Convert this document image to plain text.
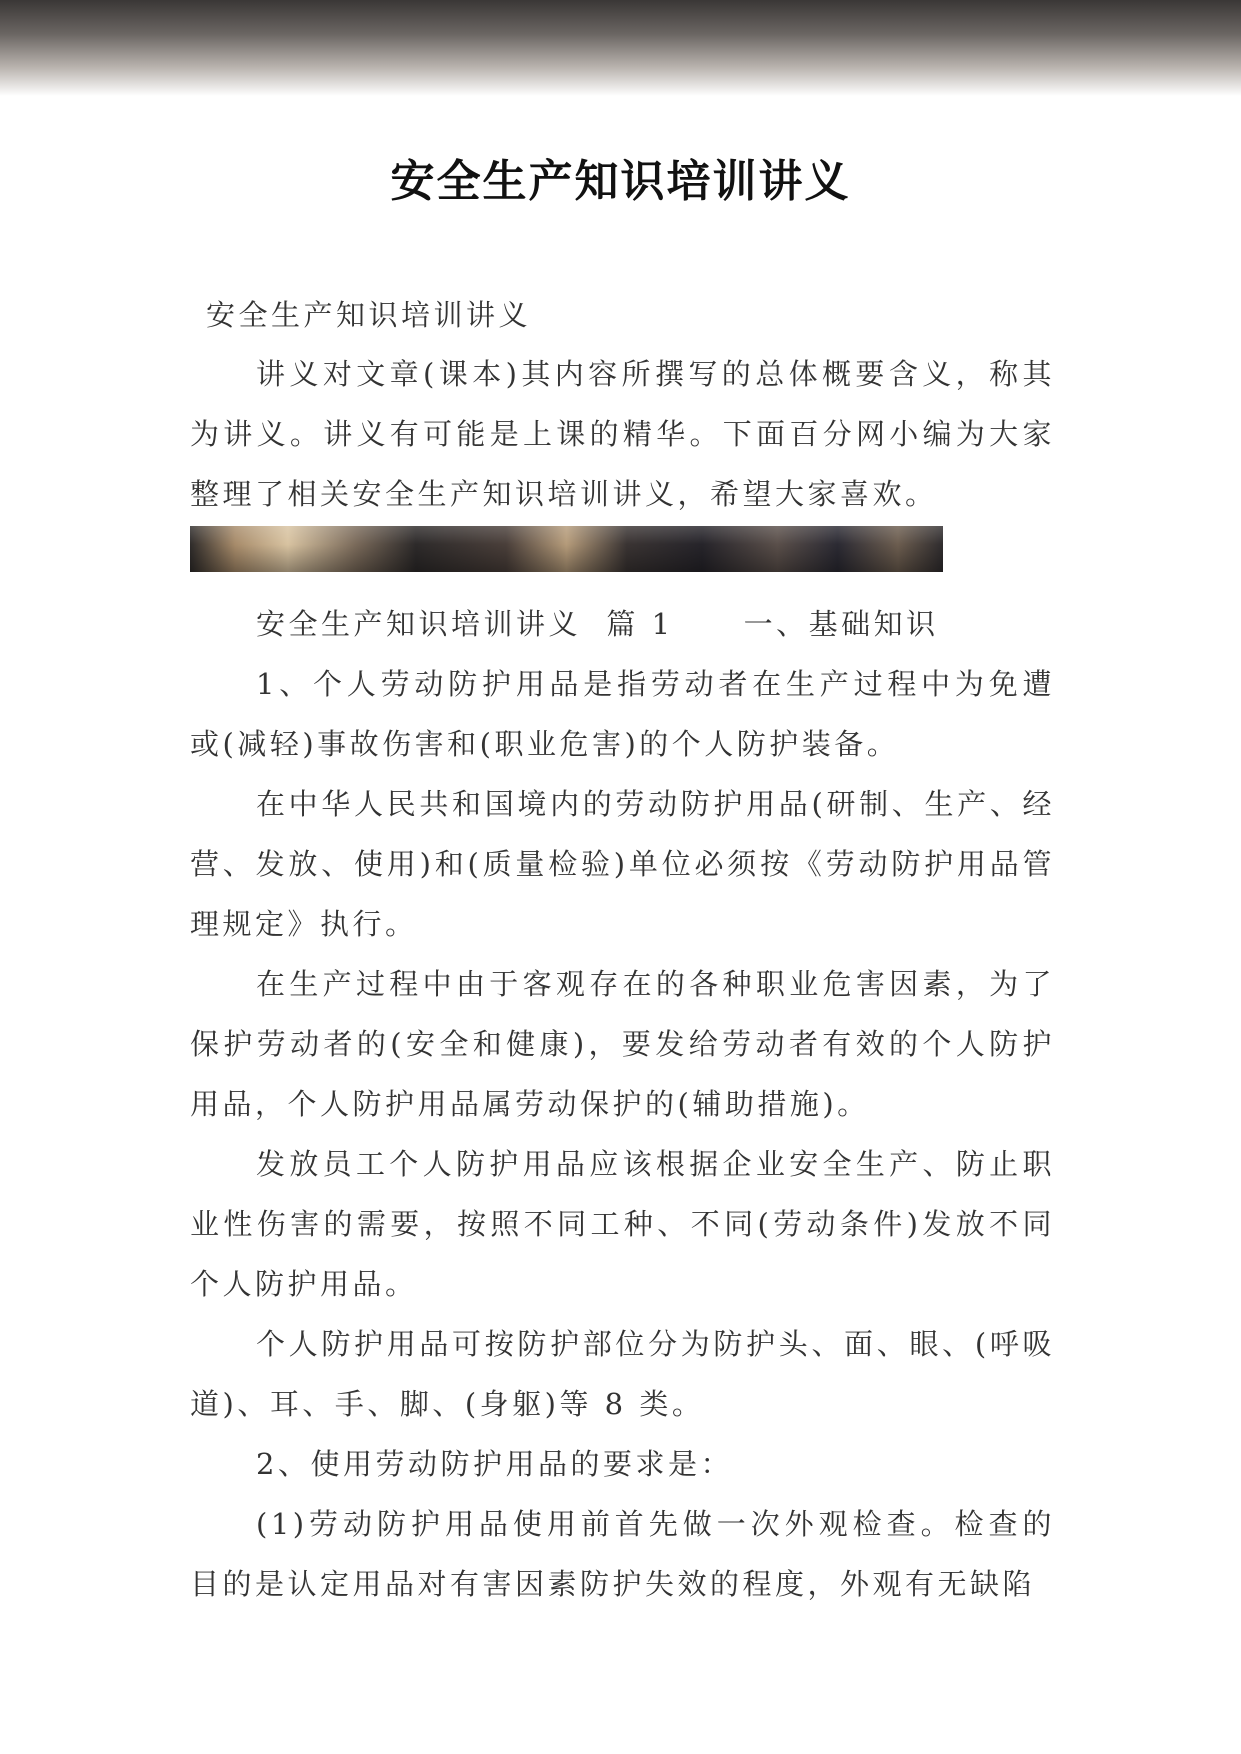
安全生产知识培训讲义

安全生产知识培训讲义

讲义对文章(课本)其内容所撰写的总体概要含义，称其为讲义。讲义有可能是上课的精华。下面百分网小编为大家整理了相关安全生产知识培训讲义，希望大家喜欢。

安全生产知识培训讲义  篇 1 一、基础知识

1、个人劳动防护用品是指劳动者在生产过程中为免遭或(减轻)事故伤害和(职业危害)的个人防护装备。

在中华人民共和国境内的劳动防护用品(研制、生产、经营、发放、使用)和(质量检验)单位必须按《劳动防护用品管理规定》执行。

在生产过程中由于客观存在的各种职业危害因素，为了保护劳动者的(安全和健康)，要发给劳动者有效的个人防护用品，个人防护用品属劳动保护的(辅助措施)。

发放员工个人防护用品应该根据企业安全生产、防止职业性伤害的需要，按照不同工种、不同(劳动条件)发放不同个人防护用品。

个人防护用品可按防护部位分为防护头、面、眼、(呼吸道)、耳、手、脚、(身躯)等 8 类。

2、使用劳动防护用品的要求是：

(1)劳动防护用品使用前首先做一次外观检查。检查的目的是认定用品对有害因素防护失效的程度，外观有无缺陷
